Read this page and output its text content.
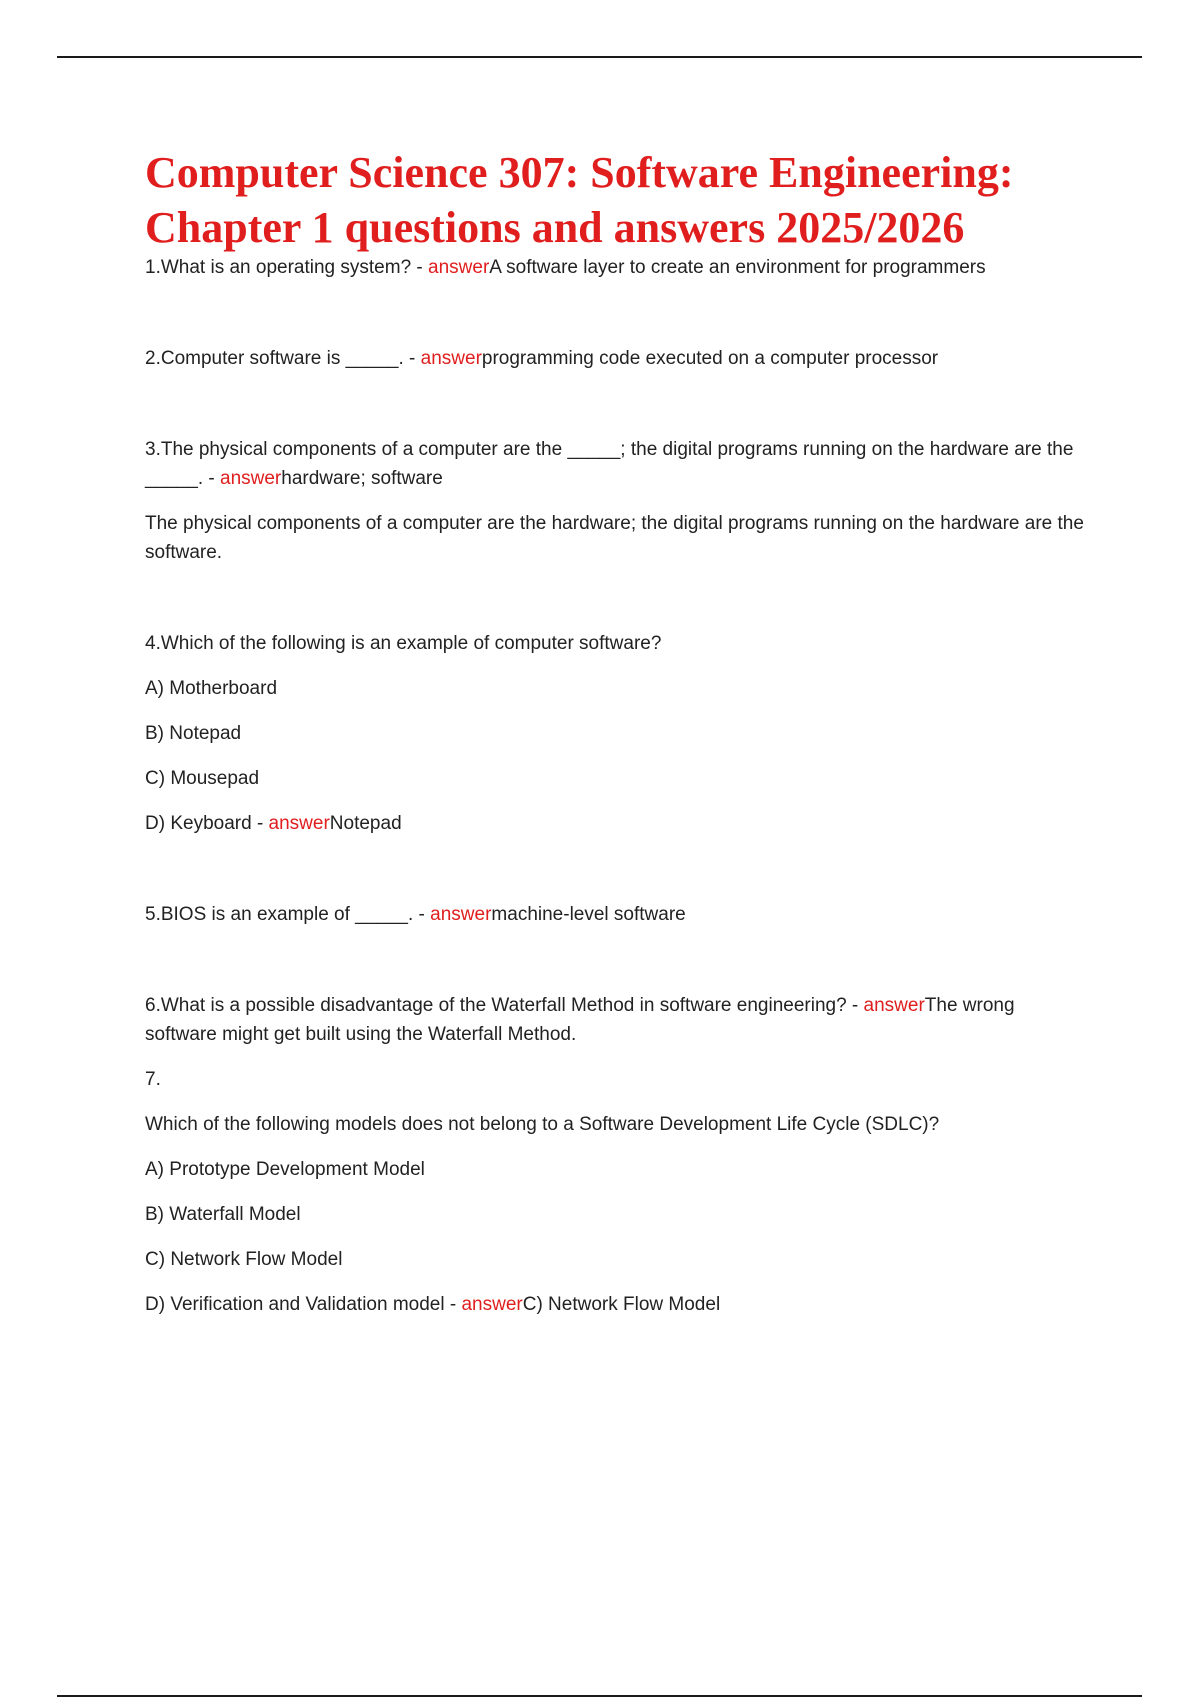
Computer Science 307: Software Engineering: Chapter 1 questions and answers 2025/2026

1.What is an operating system? - answerA software layer to create an environment for programmers

2.Computer software is _____. - answerprogramming code executed on a computer processor

3.The physical components of a computer are the _____; the digital programs running on the hardware are the _____. - answerhardware; software

The physical components of a computer are the hardware; the digital programs running on the hardware are the software.

4.Which of the following is an example of computer software?

A) Motherboard

B) Notepad

C) Mousepad

D) Keyboard - answerNotepad

5.BIOS is an example of _____. - answermachine-level software

6.What is a possible disadvantage of the Waterfall Method in software engineering? - answerThe wrong software might get built using the Waterfall Method.

7.

Which of the following models does not belong to a Software Development Life Cycle (SDLC)?

A) Prototype Development Model

B) Waterfall Model

C) Network Flow Model

D) Verification and Validation model - answerC) Network Flow Model
